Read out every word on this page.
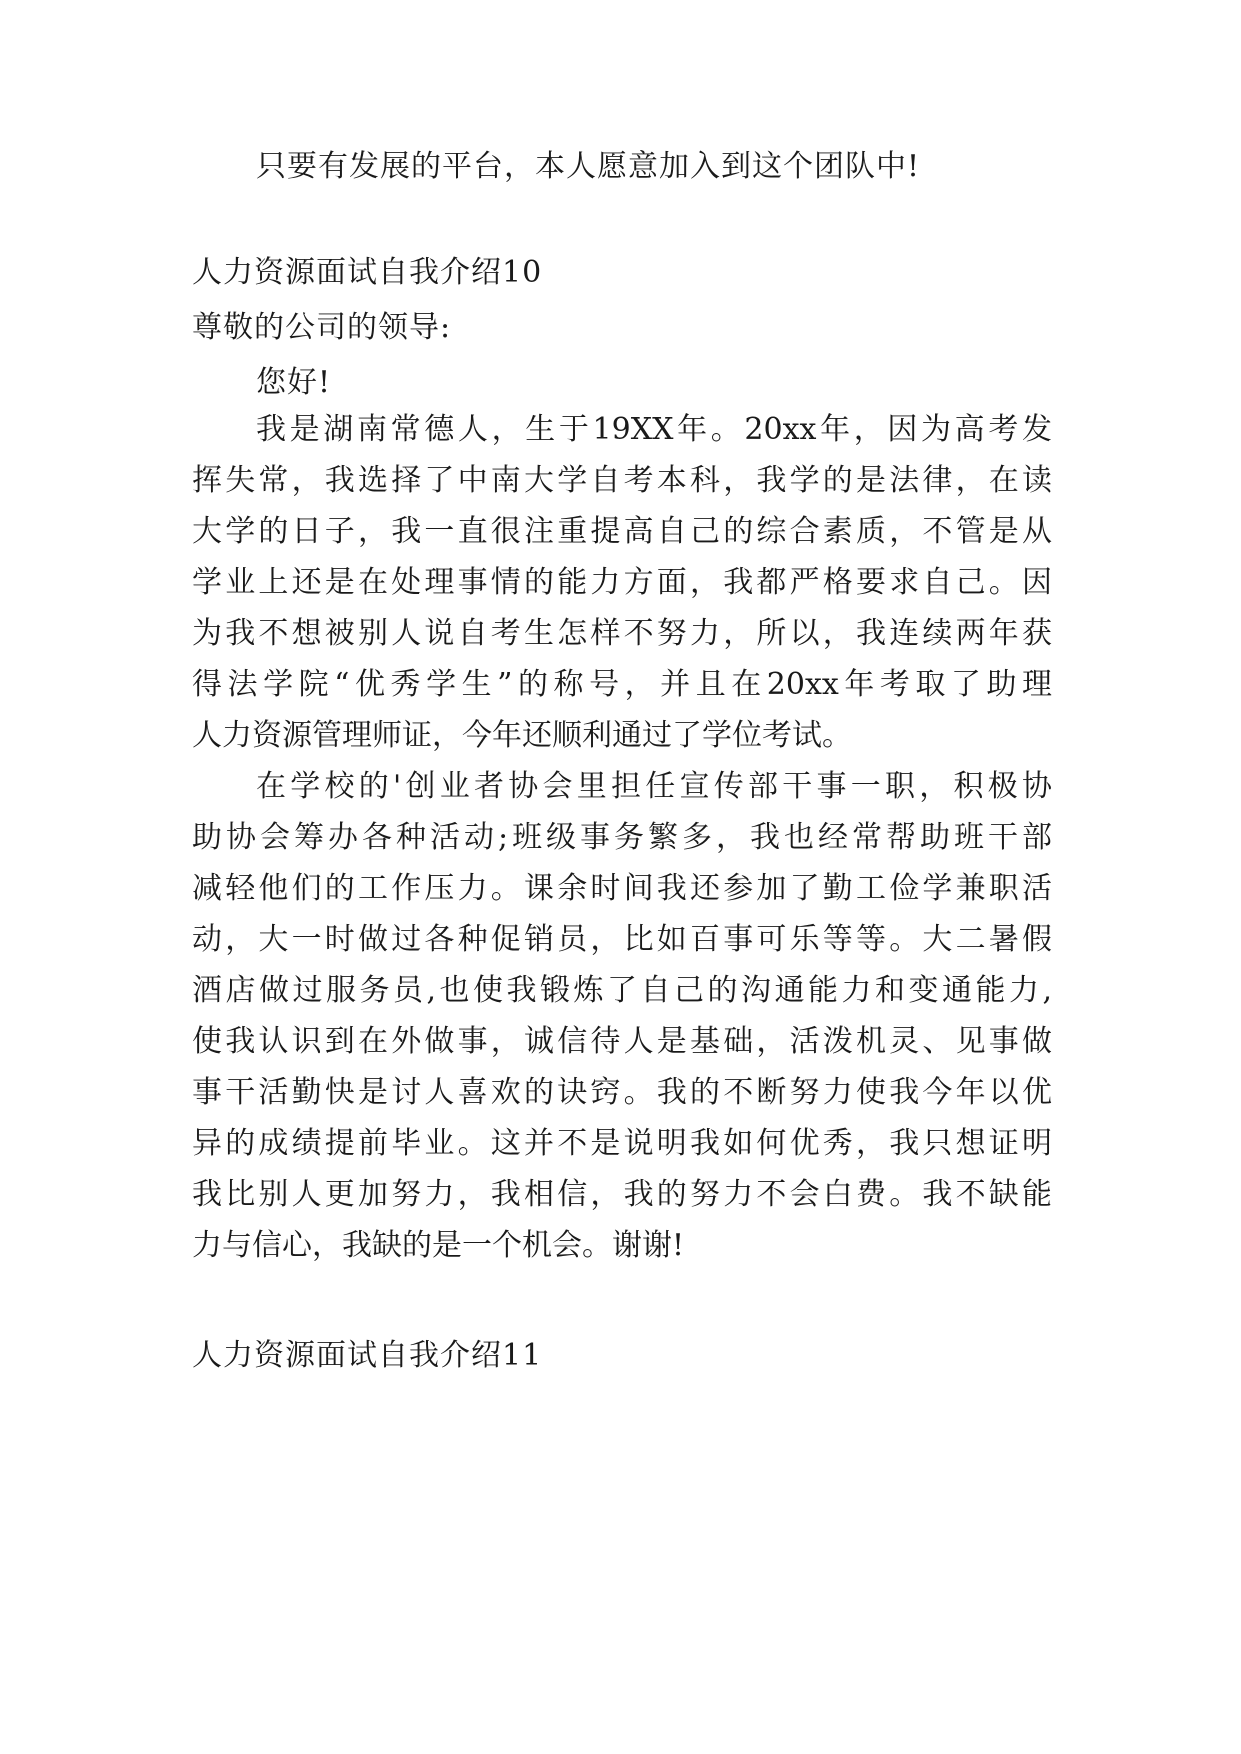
只要有发展的平台，本人愿意加入到这个团队中!
人力资源面试自我介绍10
尊敬的公司的领导:
您好!
我是湖南常德人，生于19XX年。20xx年，因为高考发
挥失常，我选择了中南大学自考本科，我学的是法律，在读
大学的日子，我一直很注重提高自己的综合素质，不管是从
学业上还是在处理事情的能力方面，我都严格要求自己。因
为我不想被别人说自考生怎样不努力，所以，我连续两年获
得法学院“优秀学生”的称号，并且在20xx年考取了助理
人力资源管理师证，今年还顺利通过了学位考试。
在学校的'创业者协会里担任宣传部干事一职，积极协
助协会筹办各种活动;班级事务繁多，我也经常帮助班干部
减轻他们的工作压力。课余时间我还参加了勤工俭学兼职活
动，大一时做过各种促销员，比如百事可乐等等。大二暑假
酒店做过服务员,也使我锻炼了自己的沟通能力和变通能力,
使我认识到在外做事，诚信待人是基础，活泼机灵、见事做
事干活勤快是讨人喜欢的诀窍。我的不断努力使我今年以优
异的成绩提前毕业。这并不是说明我如何优秀，我只想证明
我比别人更加努力，我相信，我的努力不会白费。我不缺能
力与信心，我缺的是一个机会。谢谢!
人力资源面试自我介绍11
